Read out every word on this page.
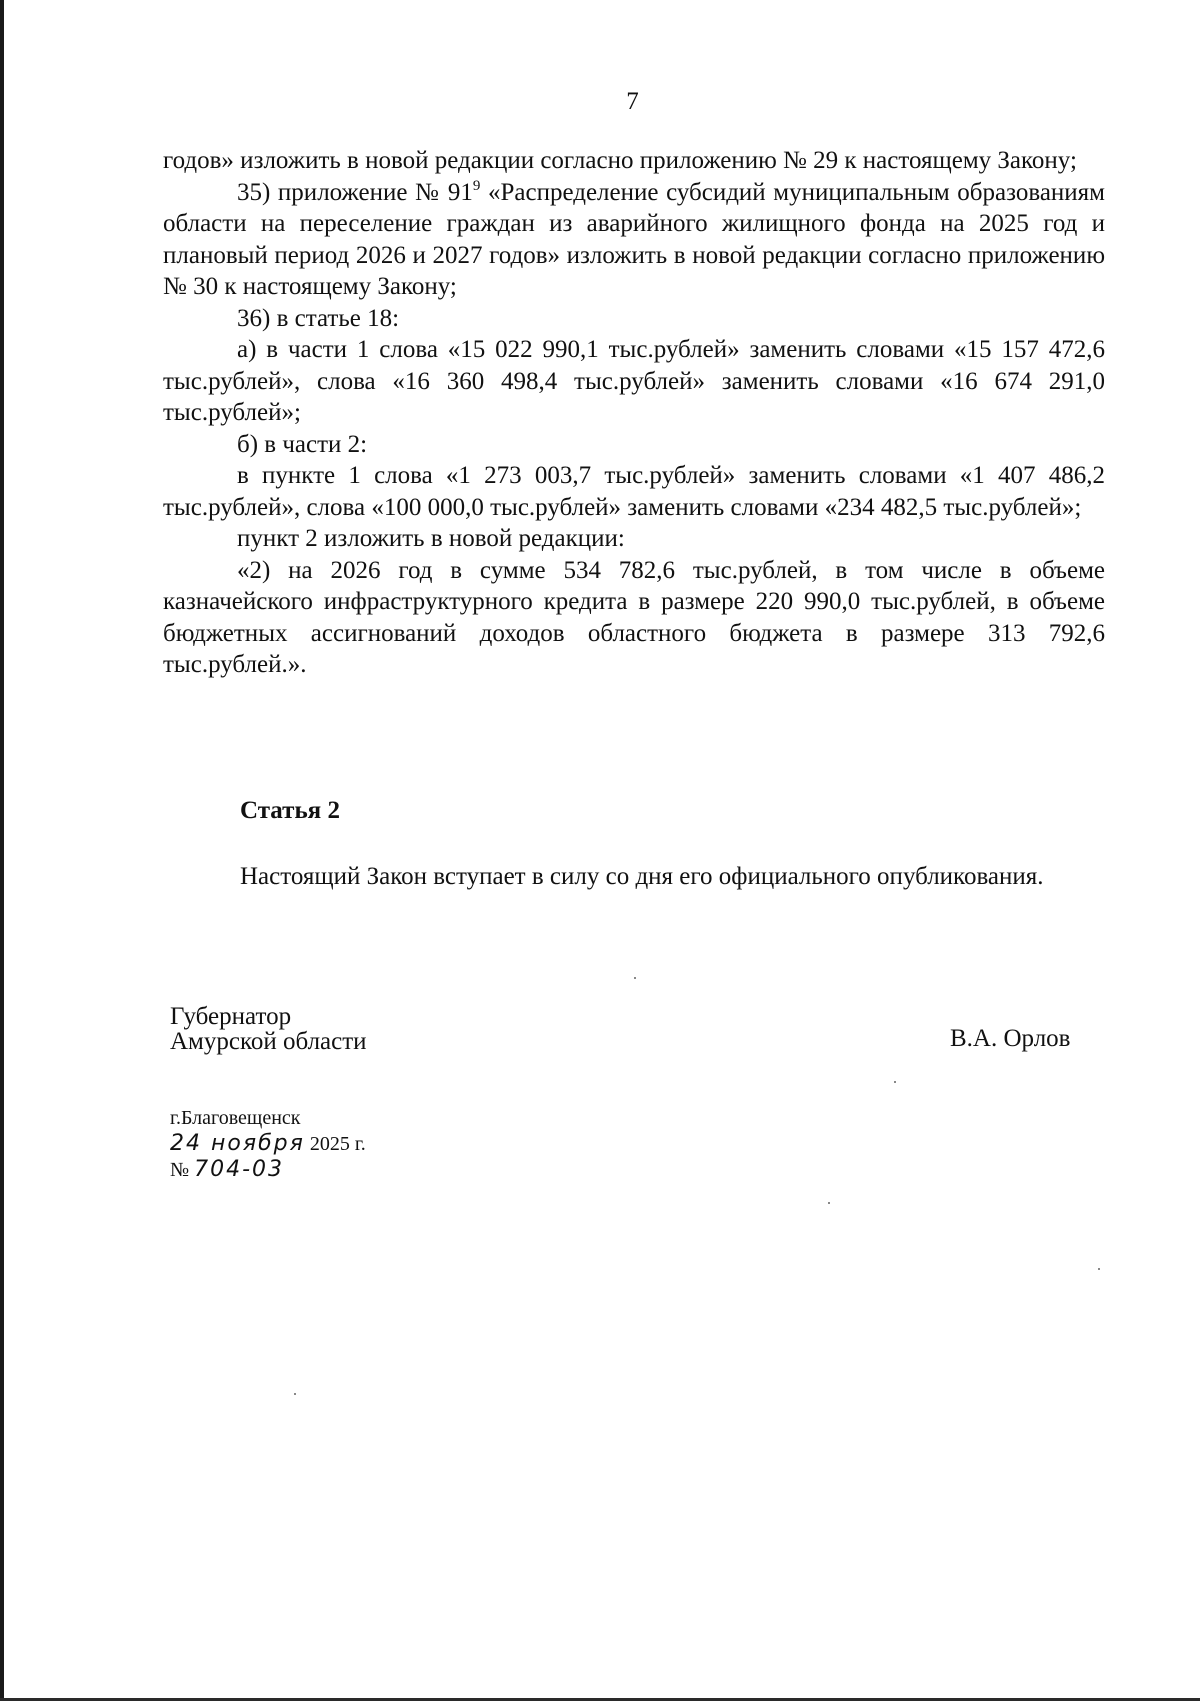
7

годов» изложить в новой редакции согласно приложению № 29 к настоящему Закону;

35) приложение № $91^9$ «Распределение субсидий муниципальным образованиям области на переселение граждан из аварийного жилищного фонда на 2025 год и плановый период 2026 и 2027 годов» изложить в новой редакции согласно приложению № 30 к настоящему Закону;

36) в статье 18:

а) в части 1 слова «15 022 990,1 тыс.рублей» заменить словами «15 157 472,6 тыс.рублей», слова «16 360 498,4 тыс.рублей» заменить словами «16 674 291,0 тыс.рублей»;

б) в части 2:

в пункте 1 слова «1 273 003,7 тыс.рублей» заменить словами «1 407 486,2 тыс.рублей», слова «100 000,0 тыс.рублей» заменить словами «234 482,5 тыс.рублей»;

пункт 2 изложить в новой редакции:

«2) на 2026 год в сумме 534 782,6 тыс.рублей, в том числе в объеме казначейского инфраструктурного кредита в размере 220 990,0 тыс.рублей, в объеме бюджетных ассигнований доходов областного бюджета в размере 313 792,6 тыс.рублей.».

Статья 2

Настоящий Закон вступает в силу со дня его официального опубликования.

Губернатор
Амурской области	В.А. Орлов
г.Благовещенск
24 ноября 2025 г.
№ 704-03
